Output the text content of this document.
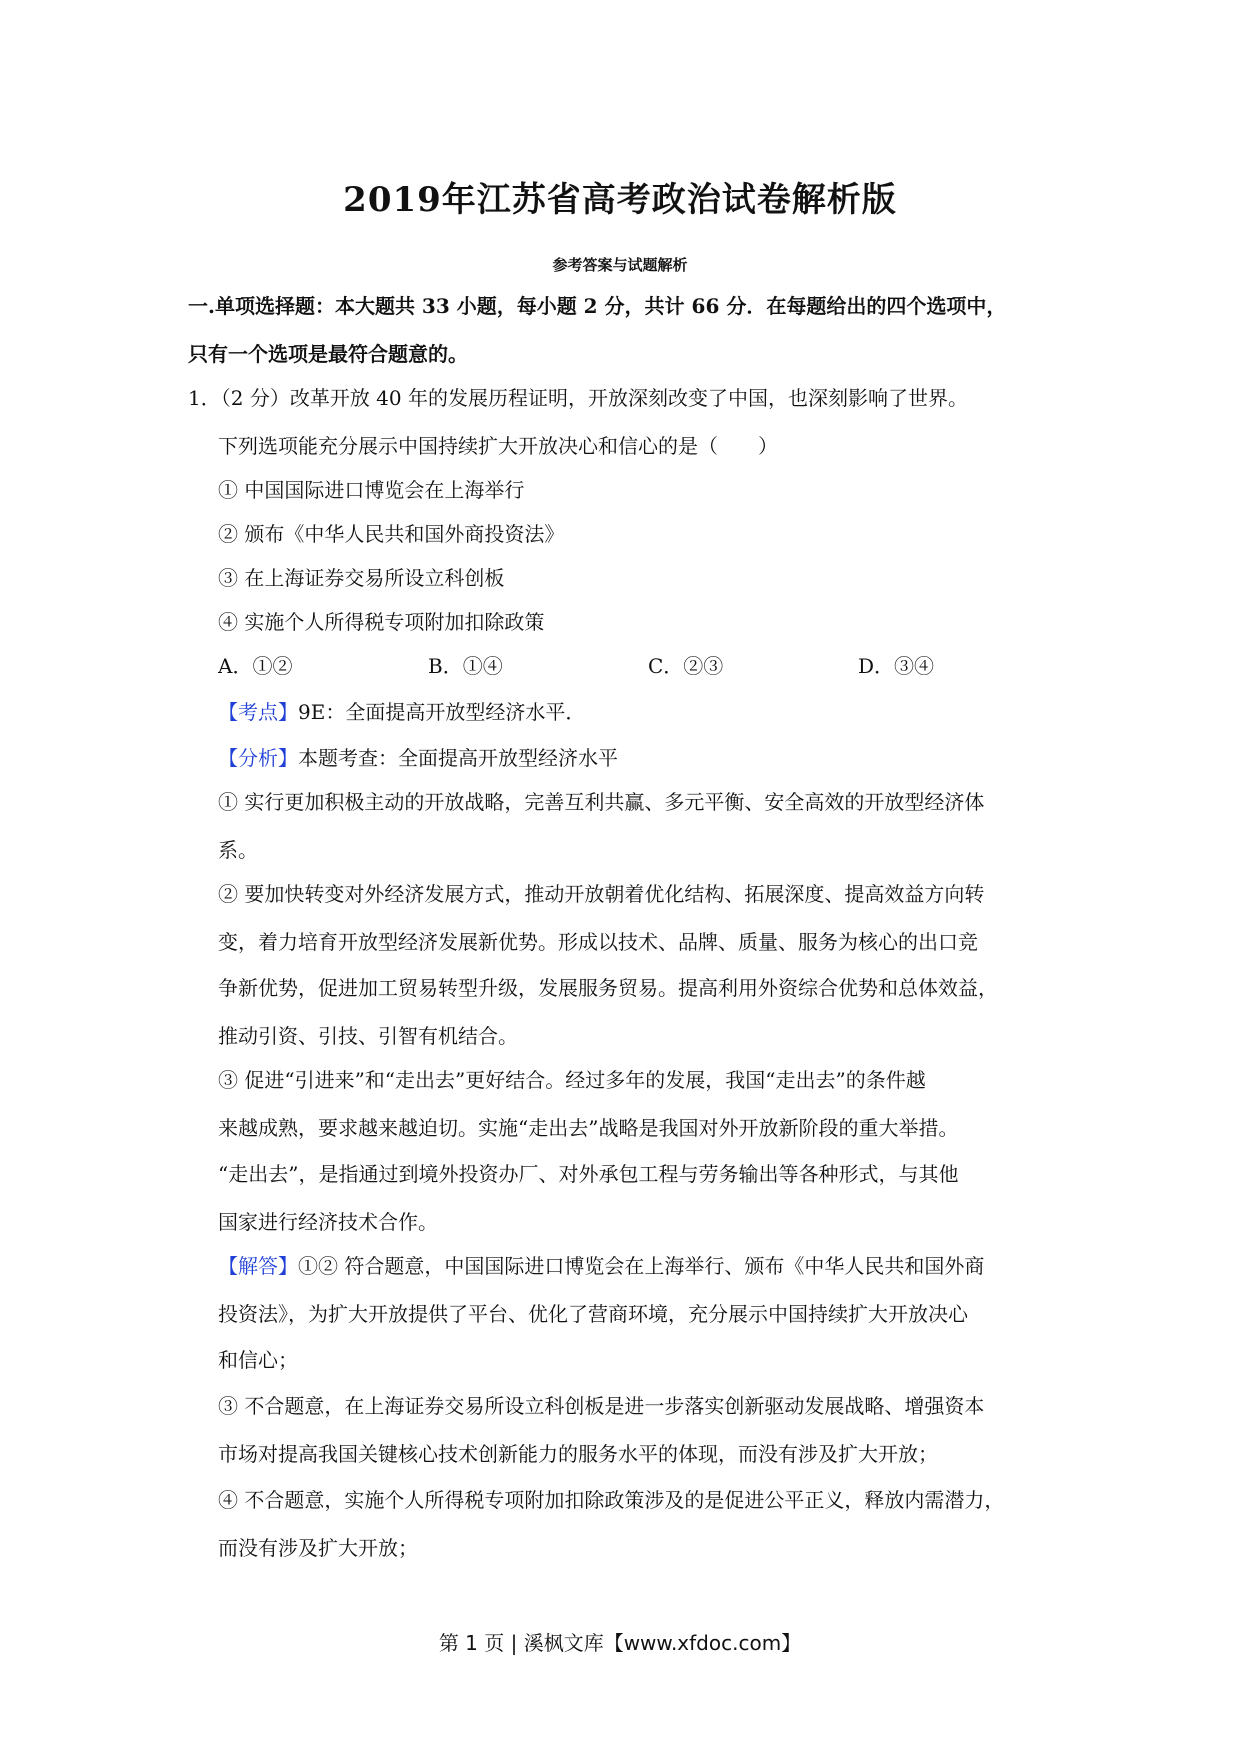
2019年江苏省高考政治试卷解析版
参考答案与试题解析
一.单项选择题：本大题共 33 小题，每小题 2 分，共计 66 分．在每题给出的四个选项中，
只有一个选项是最符合题意的。
1．（2 分）改革开放 40 年的发展历程证明，开放深刻改变了中国，也深刻影响了世界。
下列选项能充分展示中国持续扩大开放决心和信心的是（　　）
① 中国国际进口博览会在上海举行
② 颁布《中华人民共和国外商投资法》
③ 在上海证券交易所设立科创板
④ 实施个人所得税专项附加扣除政策
A．①②	B．①④	C．②③	D．③④
【考点】9E：全面提高开放型经济水平．
【分析】本题考查：全面提高开放型经济水平
① 实行更加积极主动的开放战略，完善互利共赢、多元平衡、安全高效的开放型经济体
系。
② 要加快转变对外经济发展方式，推动开放朝着优化结构、拓展深度、提高效益方向转
变，着力培育开放型经济发展新优势。形成以技术、品牌、质量、服务为核心的出口竞
争新优势，促进加工贸易转型升级，发展服务贸易。提高利用外资综合优势和总体效益，
推动引资、引技、引智有机结合。
③ 促进“引进来”和“走出去”更好结合。经过多年的发展，我国“走出去”的条件越
来越成熟，要求越来越迫切。实施“走出去”战略是我国对外开放新阶段的重大举措。
“走出去”，是指通过到境外投资办厂、对外承包工程与劳务输出等各种形式，与其他
国家进行经济技术合作。
【解答】①② 符合题意，中国国际进口博览会在上海举行、颁布《中华人民共和国外商
投资法》，为扩大开放提供了平台、优化了营商环境，充分展示中国持续扩大开放决心
和信心；
③ 不合题意，在上海证券交易所设立科创板是进一步落实创新驱动发展战略、增强资本
市场对提高我国关键核心技术创新能力的服务水平的体现，而没有涉及扩大开放；
④ 不合题意，实施个人所得税专项附加扣除政策涉及的是促进公平正义，释放内需潜力，
而没有涉及扩大开放；
第 1 页 | 溪枫文库【www.xfdoc.com】
